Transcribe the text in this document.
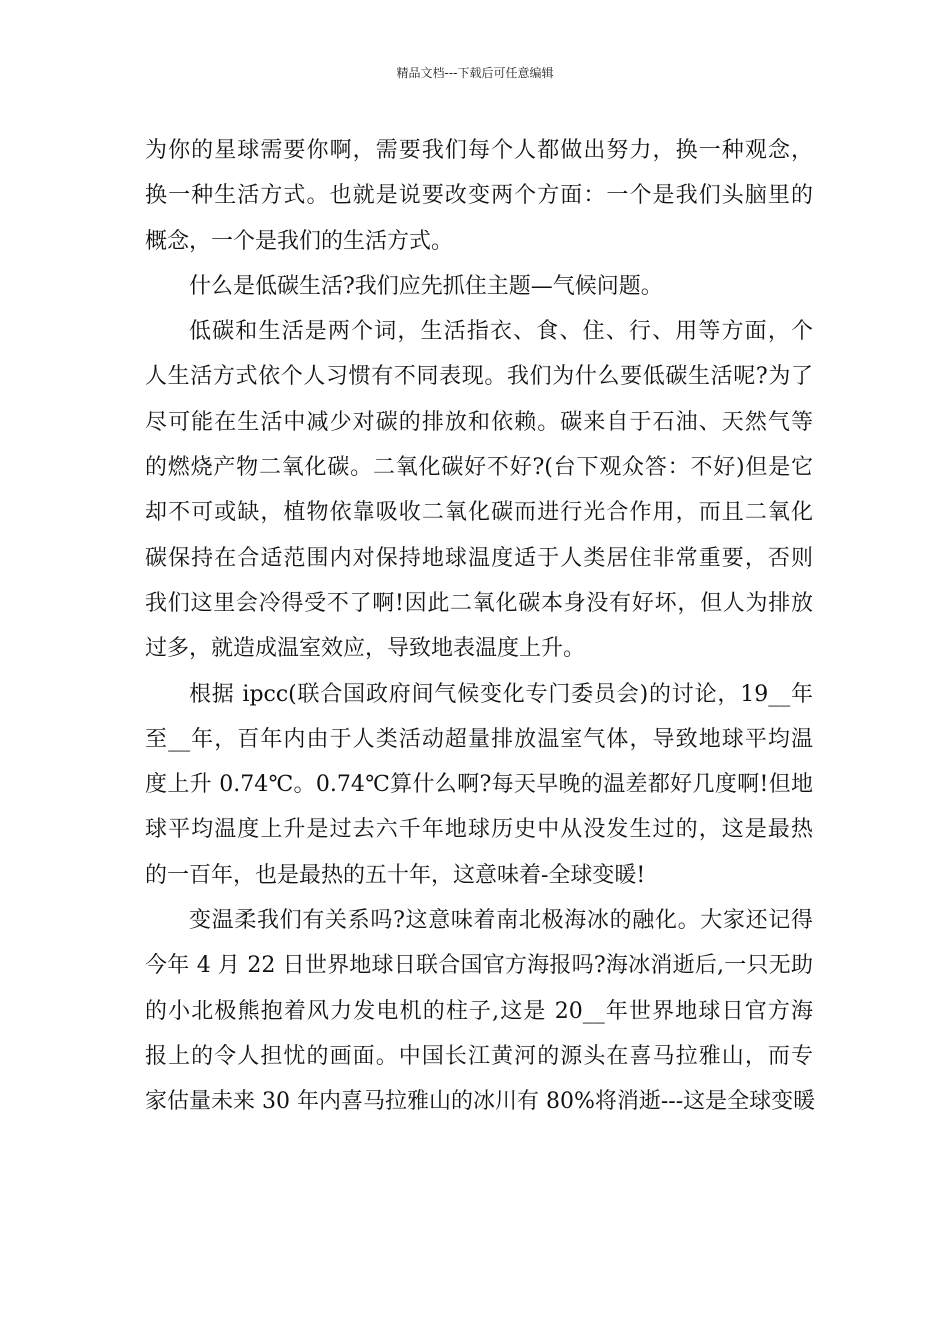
精品文档---下载后可任意编辑
为你的星球需要你啊，需要我们每个人都做出努力，换一种观念，
换一种生活方式。也就是说要改变两个方面：一个是我们头脑里的
概念，一个是我们的生活方式。
什么是低碳生活?我们应先抓住主题—气候问题。
低碳和生活是两个词，生活指衣、食、住、行、用等方面，个
人生活方式依个人习惯有不同表现。我们为什么要低碳生活呢?为了
尽可能在生活中减少对碳的排放和依赖。碳来自于石油、天然气等
的燃烧产物二氧化碳。二氧化碳好不好?(台下观众答：不好)但是它
却不可或缺，植物依靠吸收二氧化碳而进行光合作用，而且二氧化
碳保持在合适范围内对保持地球温度适于人类居住非常重要，否则
我们这里会冷得受不了啊!因此二氧化碳本身没有好坏，但人为排放
过多，就造成温室效应，导致地表温度上升。
根据 ipcc(联合国政府间气候变化专门委员会)的讨论，19__年
至__年，百年内由于人类活动超量排放温室气体，导致地球平均温
度上升 0.74℃。0.74℃算什么啊?每天早晚的温差都好几度啊!但地
球平均温度上升是过去六千年地球历史中从没发生过的，这是最热
的一百年，也是最热的五十年，这意味着-全球变暖!
变温柔我们有关系吗?这意味着南北极海冰的融化。大家还记得
今年 4 月 22 日世界地球日联合国官方海报吗?海冰消逝后,一只无助
的小北极熊抱着风力发电机的柱子,这是 20__年世界地球日官方海
报上的令人担忧的画面。中国长江黄河的源头在喜马拉雅山，而专
家估量未来 30 年内喜马拉雅山的冰川有 80%将消逝---这是全球变暖
